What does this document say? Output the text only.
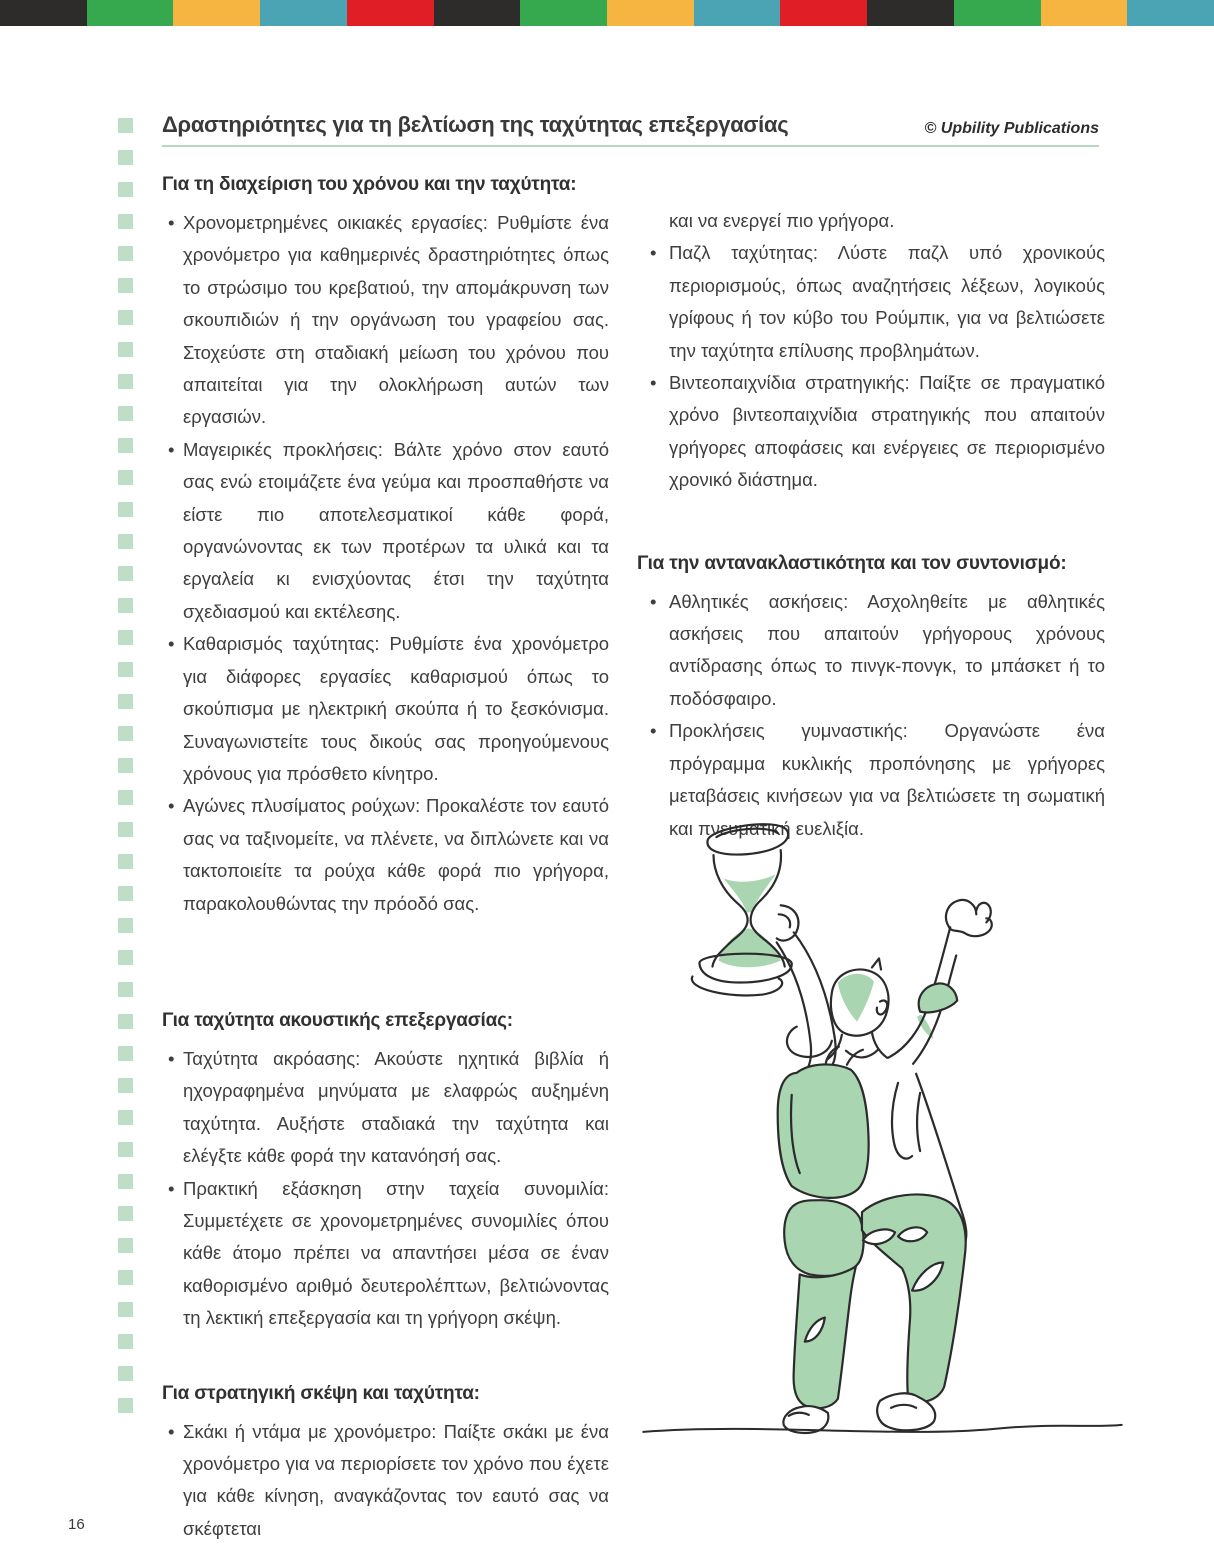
Δραστηριότητες για τη βελτίωση της ταχύτητας επεξεργασίας	© Upbility Publications
Για τη διαχείριση του χρόνου και την ταχύτητα:

• Χρονομετρημένες οικιακές εργασίες: Ρυθμίστε ένα χρονόμετρο για καθημερινές δραστηριότητες όπως το στρώσιμο του κρεβατιού, την απομάκρυνση των σκουπιδιών ή την οργάνωση του γραφείου σας. Στοχεύστε στη σταδιακή μείωση του χρόνου που απαιτείται για την ολοκλήρωση αυτών των εργασιών.

• Μαγειρικές προκλήσεις: Βάλτε χρόνο στον εαυτό σας ενώ ετοιμάζετε ένα γεύμα και προσπαθήστε να είστε πιο αποτελεσματικοί κάθε φορά, οργανώνοντας εκ των προτέρων τα υλικά και τα εργαλεία κι ενισχύοντας έτσι την ταχύτητα σχεδιασμού και εκτέλεσης.

• Καθαρισμός ταχύτητας: Ρυθμίστε ένα χρονόμετρο για διάφορες εργασίες καθαρισμού όπως το σκούπισμα με ηλεκτρική σκούπα ή το ξεσκόνισμα. Συναγωνιστείτε τους δικούς σας προηγούμενους χρόνους για πρόσθετο κίνητρο.

• Αγώνες πλυσίματος ρούχων: Προκαλέστε τον εαυτό σας να ταξινομείτε, να πλένετε, να διπλώνετε και να τακτοποιείτε τα ρούχα κάθε φορά πιο γρήγορα, παρακολουθώντας την πρόοδό σας.

Για ταχύτητα ακουστικής επεξεργασίας:

• Ταχύτητα ακρόασης: Ακούστε ηχητικά βιβλία ή ηχογραφημένα μηνύματα με ελαφρώς αυξημένη ταχύτητα. Αυξήστε σταδιακά την ταχύτητα και ελέγξτε κάθε φορά την κατανόησή σας.

• Πρακτική εξάσκηση στην ταχεία συνομιλία: Συμμετέχετε σε χρονομετρημένες συνομιλίες όπου κάθε άτομο πρέπει να απαντήσει μέσα σε έναν καθορισμένο αριθμό δευτερολέπτων, βελτιώνοντας τη λεκτική επεξεργασία και τη γρήγορη σκέψη.

Για στρατηγική σκέψη και ταχύτητα:

• Σκάκι ή ντάμα με χρονόμετρο: Παίξτε σκάκι με ένα χρονόμετρο για να περιορίσετε τον χρόνο που έχετε για κάθε κίνηση, αναγκάζοντας τον εαυτό σας να σκέφτεται

και να ενεργεί πιο γρήγορα.

• Παζλ ταχύτητας: Λύστε παζλ υπό χρονικούς περιορισμούς, όπως αναζητήσεις λέξεων, λογικούς γρίφους ή τον κύβο του Ρούμπικ, για να βελτιώσετε την ταχύτητα επίλυσης προβλημάτων.

• Βιντεοπαιχνίδια στρατηγικής: Παίξτε σε πραγματικό χρόνο βιντεοπαιχνίδια στρατηγικής που απαιτούν γρήγορες αποφάσεις και ενέργειες σε περιορισμένο χρονικό διάστημα.

Για την αντανακλαστικότητα και τον συντονισμό:

• Αθλητικές ασκήσεις: Ασχοληθείτε με αθλητικές ασκήσεις που απαιτούν γρήγορους χρόνους αντίδρασης όπως το πινγκ-πονγκ, το μπάσκετ ή το ποδόσφαιρο.

• Προκλήσεις γυμναστικής: Οργανώστε ένα πρόγραμμα κυκλικής προπόνησης με γρήγορες μεταβάσεις κινήσεων για να βελτιώσετε τη σωματική και πνευματική ευελιξία.

16
